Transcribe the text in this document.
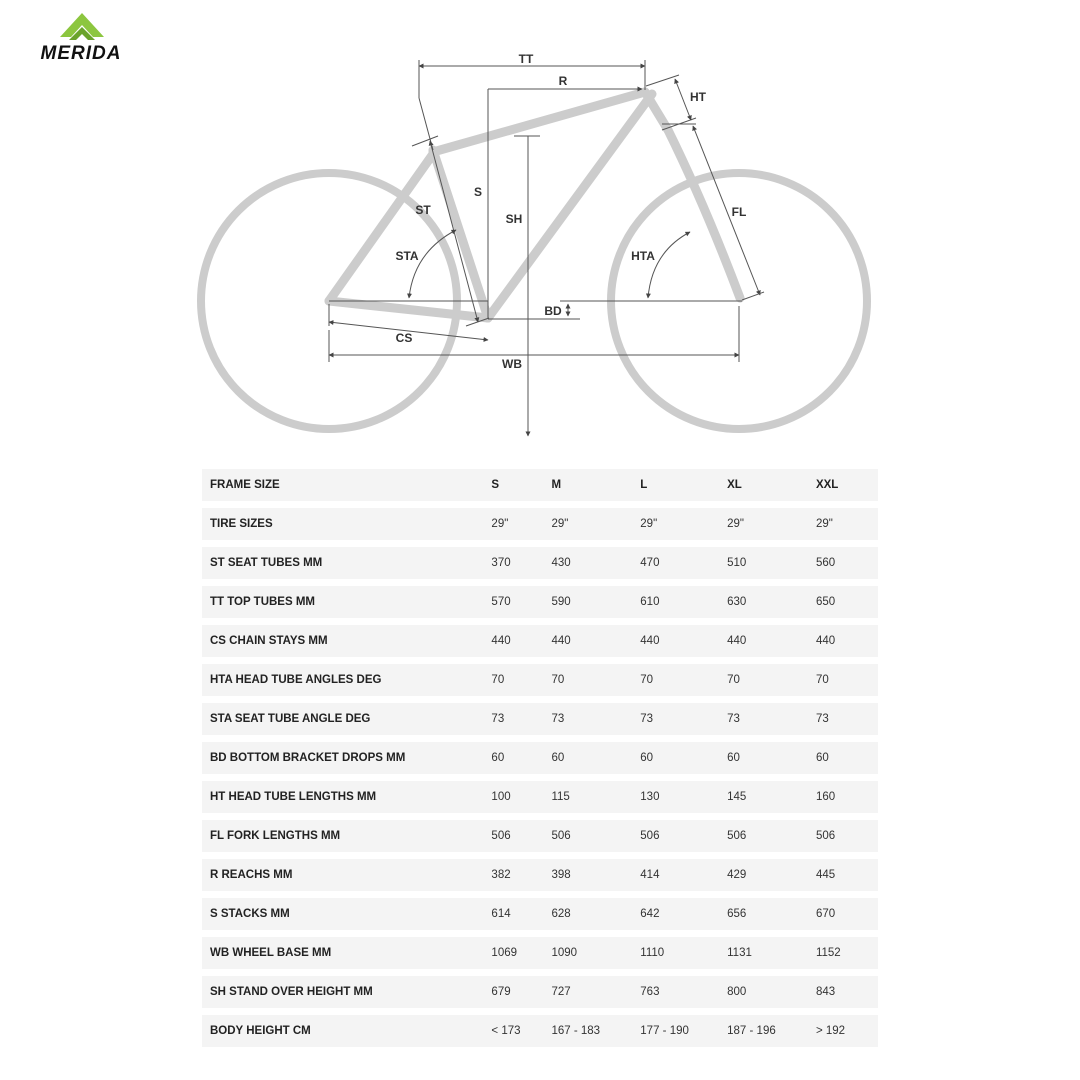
MERIDA	TT
R
HT
S
ST
SH	FL
STA	HTA
BD
CS
WB
FRAME SIZE	S	M	L	XL	XXL
TIRE SIZES	29"	29"	29"	29"	29"
ST SEAT TUBES MM	370	430	470	510	560
TT TOP TUBES MM	570	590	610	630	650
CS CHAIN STAYS MM	440	440	440	440	440
HTA HEAD TUBE ANGLES DEG	70	70	70	70	70
STA SEAT TUBE ANGLE DEG	73	73	73	73	73
BD BOTTOM BRACKET DROPS MM	60	60	60	60	60
HT HEAD TUBE LENGTHS MM	100	115	130	145	160
FL FORK LENGTHS MM	506	506	506	506	506
R REACHS MM	382	398	414	429	445
S STACKS MM	614	628	642	656	670
WB WHEEL BASE MM	1069	1090	1110	1131	1152
SH STAND OVER HEIGHT MM	679	727	763	800	843
BODY HEIGHT CM	< 173	167 - 183	177 - 190	187 - 196	> 192
